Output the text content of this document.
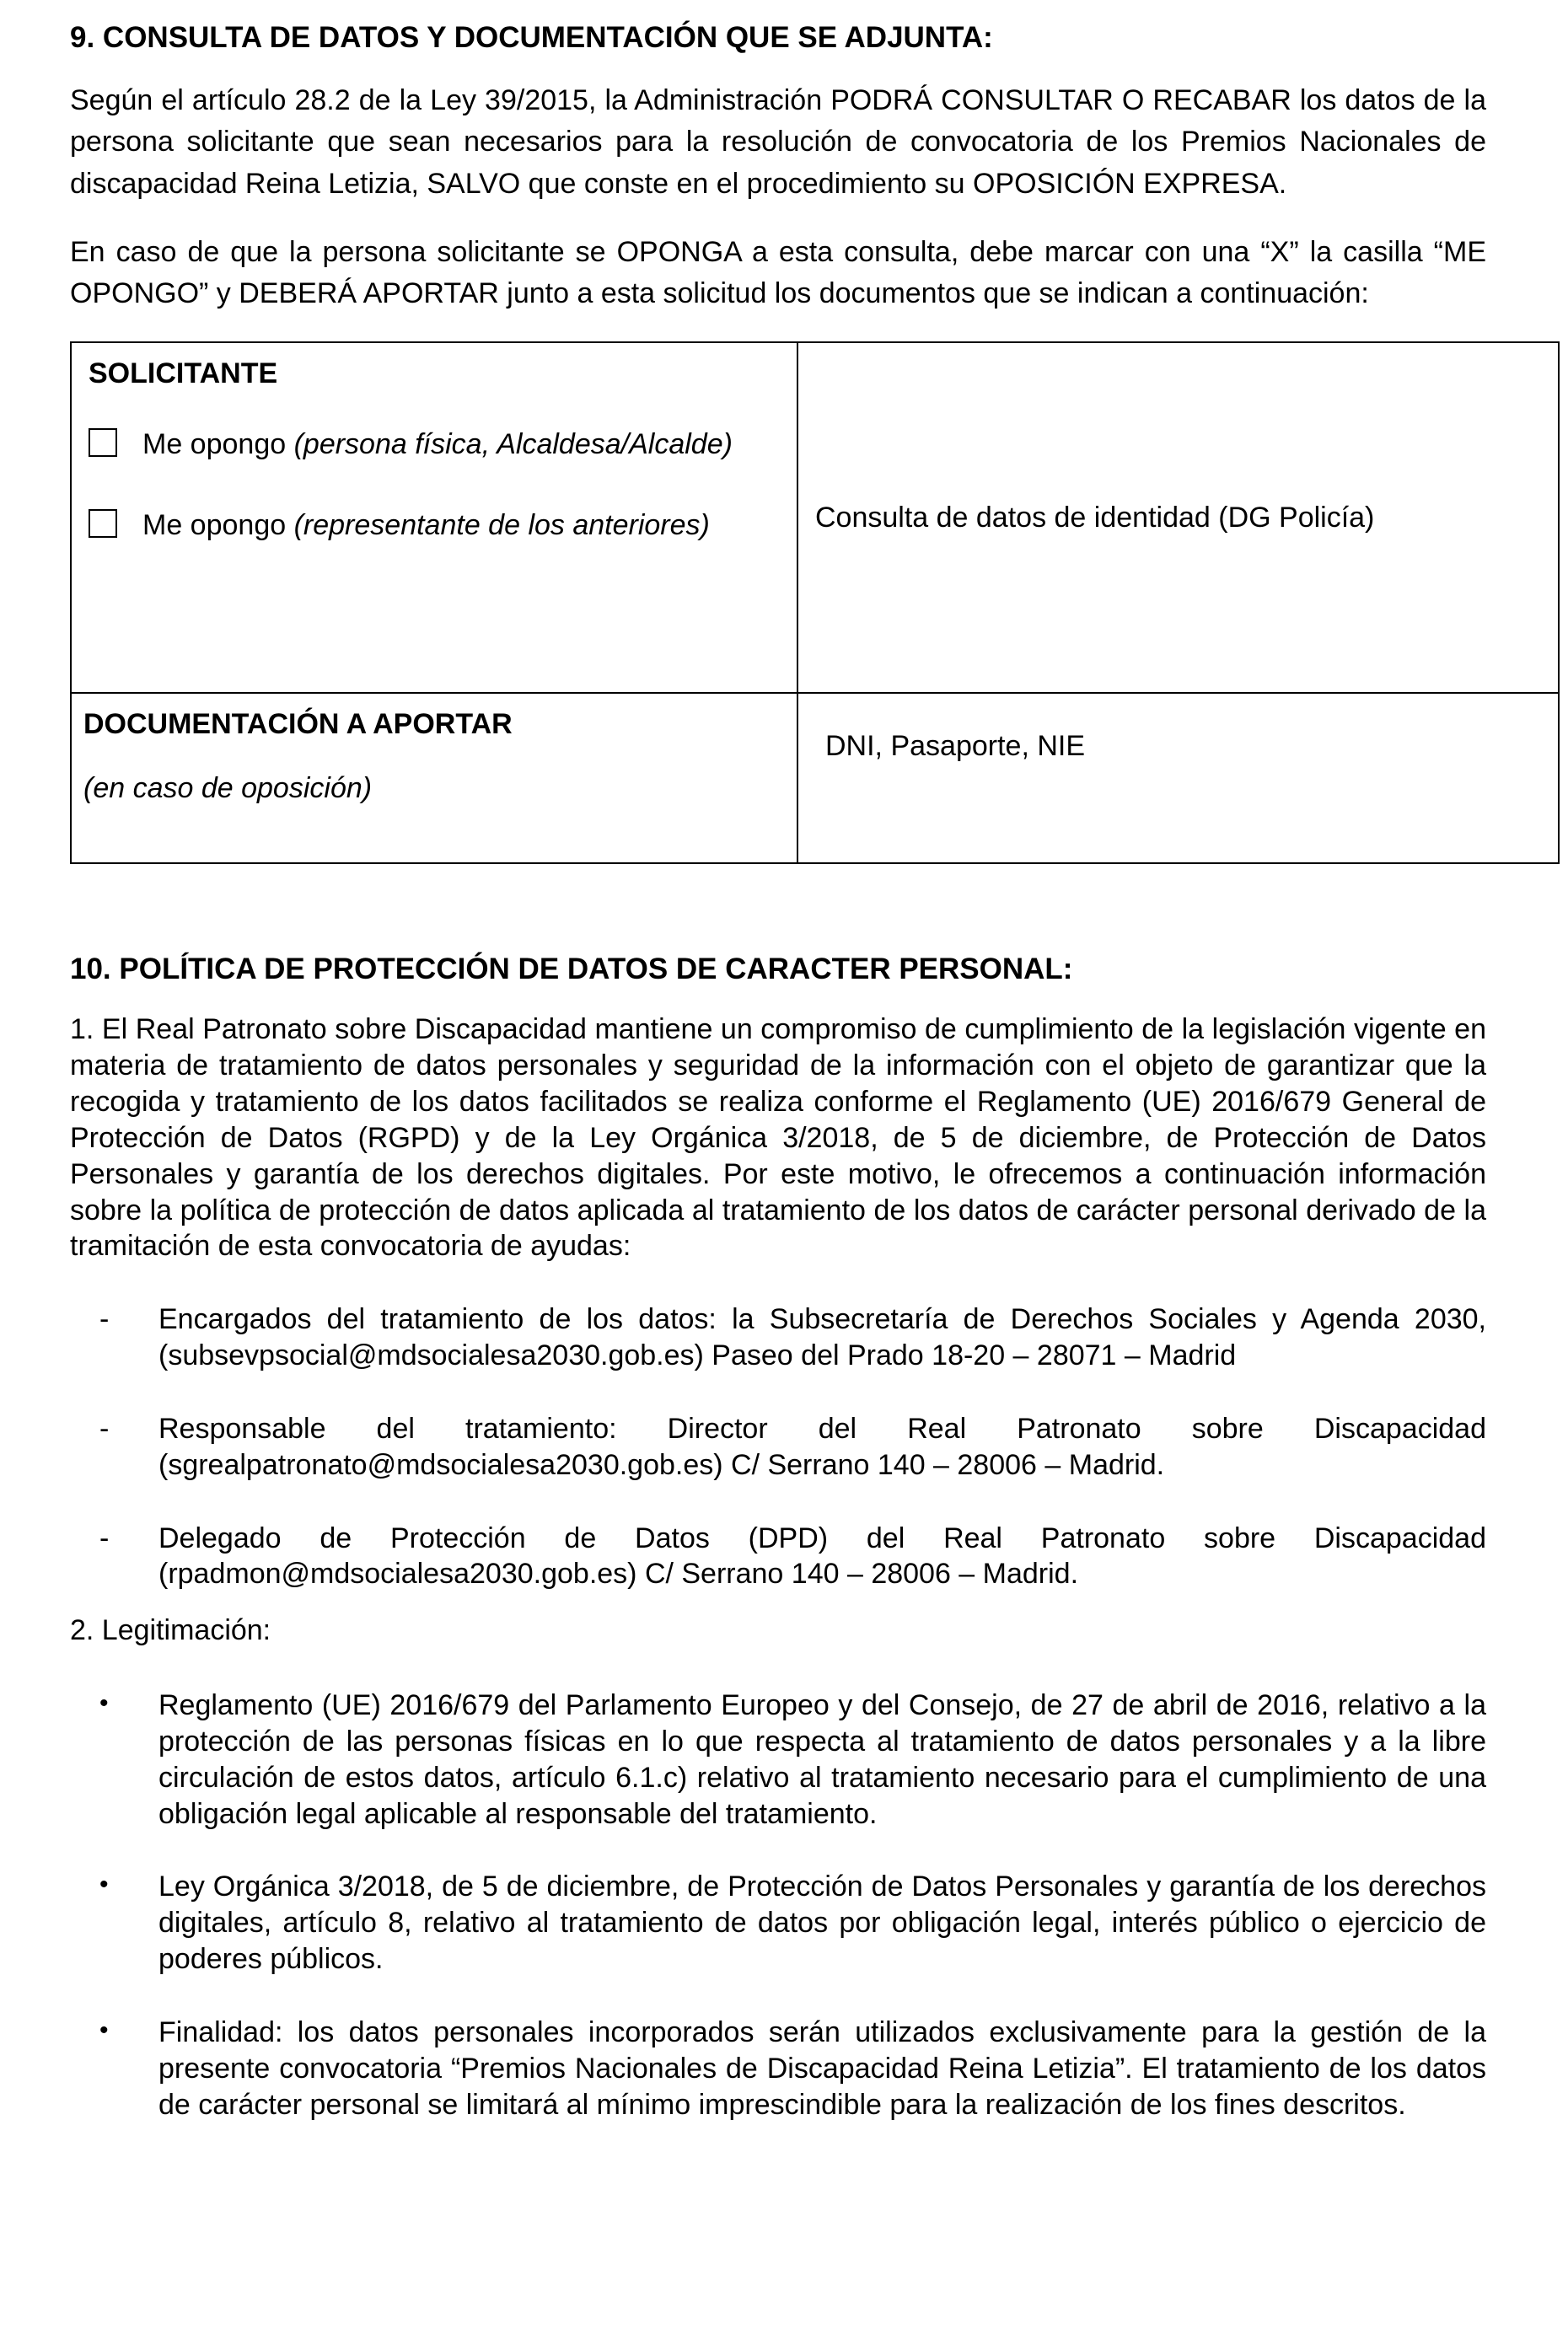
9. CONSULTA DE DATOS Y DOCUMENTACIÓN QUE SE ADJUNTA:

Según el artículo 28.2 de la Ley 39/2015, la Administración PODRÁ CONSULTAR O RECABAR los datos de la persona solicitante que sean necesarios para la resolución de convocatoria de los Premios Nacionales de discapacidad Reina Letizia, SALVO que conste en el procedimiento su OPOSICIÓN EXPRESA.

En caso de que la persona solicitante se OPONGA a esta consulta, debe marcar con una “X” la casilla “ME OPONGO” y DEBERÁ APORTAR junto a esta solicitud los documentos que se indican a continuación:

SOLICITANTE
Me opongo (persona física, Alcaldesa/Alcalde)
Me opongo (representante de los anteriores)	Consulta de datos de identidad (DG Policía)

DOCUMENTACIÓN A APORTAR
(en caso de oposición)	DNI, Pasaporte, NIE
10. POLÍTICA DE PROTECCIÓN DE DATOS DE CARACTER PERSONAL:

1. El Real Patronato sobre Discapacidad mantiene un compromiso de cumplimiento de la legislación vigente en materia de tratamiento de datos personales y seguridad de la información con el objeto de garantizar que la recogida y tratamiento de los datos facilitados se realiza conforme el Reglamento (UE) 2016/679 General de Protección de Datos (RGPD) y de la Ley Orgánica 3/2018, de 5 de diciembre, de Protección de Datos Personales y garantía de los derechos digitales. Por este motivo, le ofrecemos a continuación información sobre la política de protección de datos aplicada al tratamiento de los datos de carácter personal derivado de la tramitación de esta convocatoria de ayudas:

- Encargados del tratamiento de los datos: la Subsecretaría de Derechos Sociales y Agenda 2030, (subsevpsocial@mdsocialesa2030.gob.es) Paseo del Prado 18-20 – 28071 – Madrid
- Responsable del tratamiento: Director del Real Patronato sobre Discapacidad (sgrealpatronato@mdsocialesa2030.gob.es) C/ Serrano 140 – 28006 – Madrid.
- Delegado de Protección de Datos (DPD) del Real Patronato sobre Discapacidad (rpadmon@mdsocialesa2030.gob.es) C/ Serrano 140 – 28006 – Madrid.

2. Legitimación:

• Reglamento (UE) 2016/679 del Parlamento Europeo y del Consejo, de 27 de abril de 2016, relativo a la protección de las personas físicas en lo que respecta al tratamiento de datos personales y a la libre circulación de estos datos, artículo 6.1.c) relativo al tratamiento necesario para el cumplimiento de una obligación legal aplicable al responsable del tratamiento.
• Ley Orgánica 3/2018, de 5 de diciembre, de Protección de Datos Personales y garantía de los derechos digitales, artículo 8, relativo al tratamiento de datos por obligación legal, interés público o ejercicio de poderes públicos.
• Finalidad: los datos personales incorporados serán utilizados exclusivamente para la gestión de la presente convocatoria “Premios Nacionales de Discapacidad Reina Letizia”. El tratamiento de los datos de carácter personal se limitará al mínimo imprescindible para la realización de los fines descritos.
